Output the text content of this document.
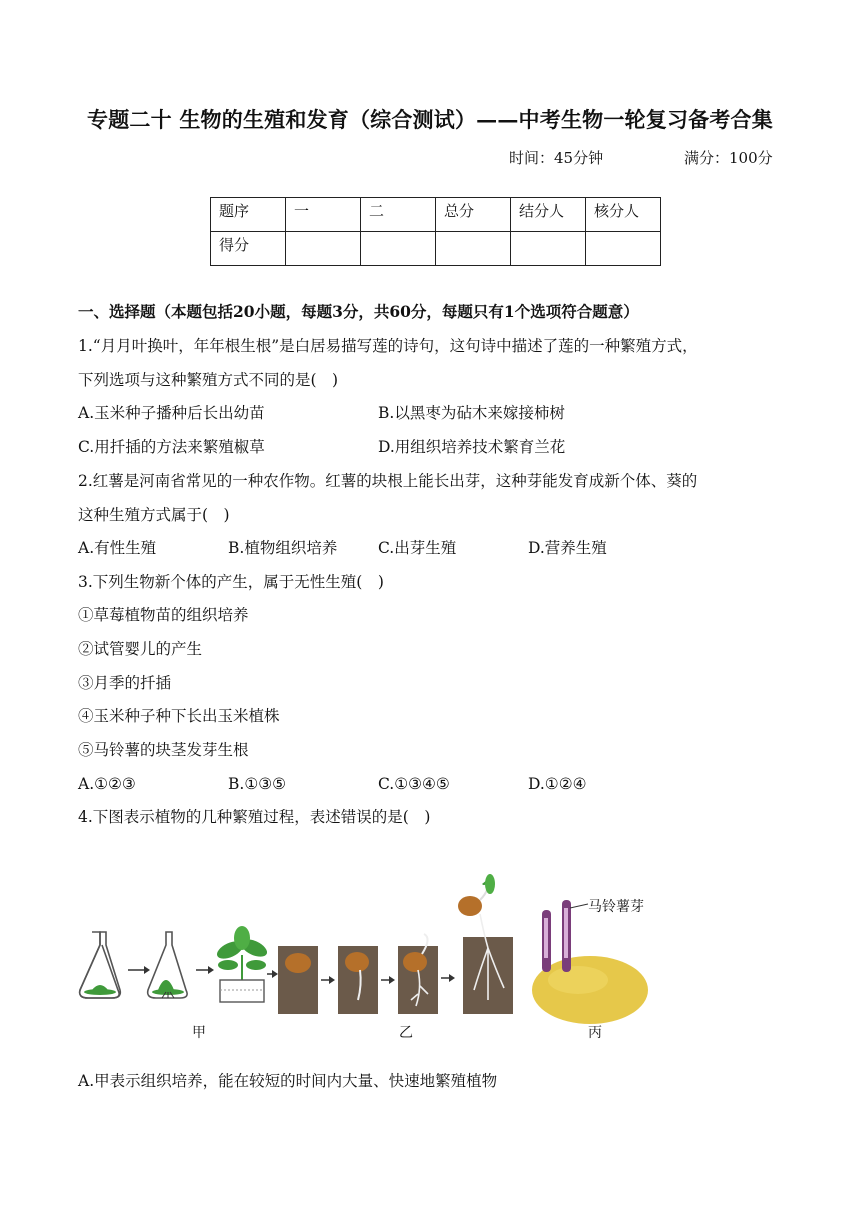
专题二十 生物的生殖和发育（综合测试）——中考生物一轮复习备考合集
时间：45分钟	满分：100分
题序	一	二	总分	结分人	核分人
得分					
一、选择题（本题包括20小题，每题3分，共60分，每题只有1个选项符合题意）
1.“月月叶换叶，年年根生根”是白居易描写莲的诗句，这句诗中描述了莲的一种繁殖方式，
下列选项与这种繁殖方式不同的是(　)
A.玉米种子播种后长出幼苗	B.以黑枣为砧木来嫁接柿树
C.用扦插的方法来繁殖椒草	D.用组织培养技术繁育兰花
2.红薯是河南省常见的一种农作物。红薯的块根上能长出芽，这种芽能发育成新个体、葵的
这种生殖方式属于(　)
A.有性生殖	B.植物组织培养	C.出芽生殖	D.营养生殖
3.下列生物新个体的产生，属于无性生殖(　)
①草莓植物苗的组织培养
②试管婴儿的产生
③月季的扦插
④玉米种子种下长出玉米植株
⑤马铃薯的块茎发芽生根
A.①②③	B.①③⑤	C.①③④⑤	D.①②④
4.下图表示植物的几种繁殖过程，表述错误的是(　)
马铃薯芽
甲	乙	丙
A.甲表示组织培养，能在较短的时间内大量、快速地繁殖植物
